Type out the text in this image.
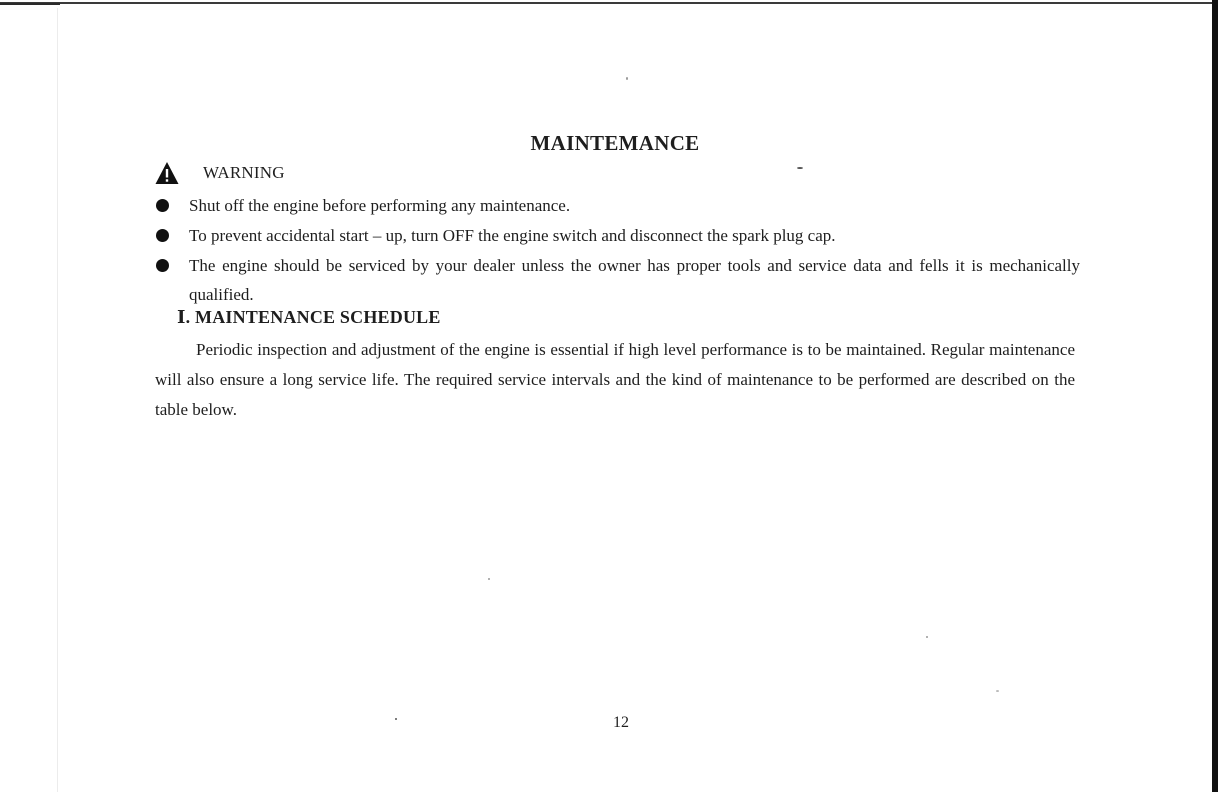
MAINTEMANCE
WARNING
Shut off the engine before performing any maintenance.
To prevent accidental start – up, turn OFF the engine switch and disconnect the spark plug cap.
The engine should be serviced by your dealer unless the owner has proper tools and service data and fells it is mechanically qualified.
Ⅰ. MAINTENANCE SCHEDULE
Periodic inspection and adjustment of the engine is essential if high level performance is to be maintained. Regular maintenance will also ensure a long service life. The required service intervals and the kind of maintenance to be performed are described on the table below.
12
